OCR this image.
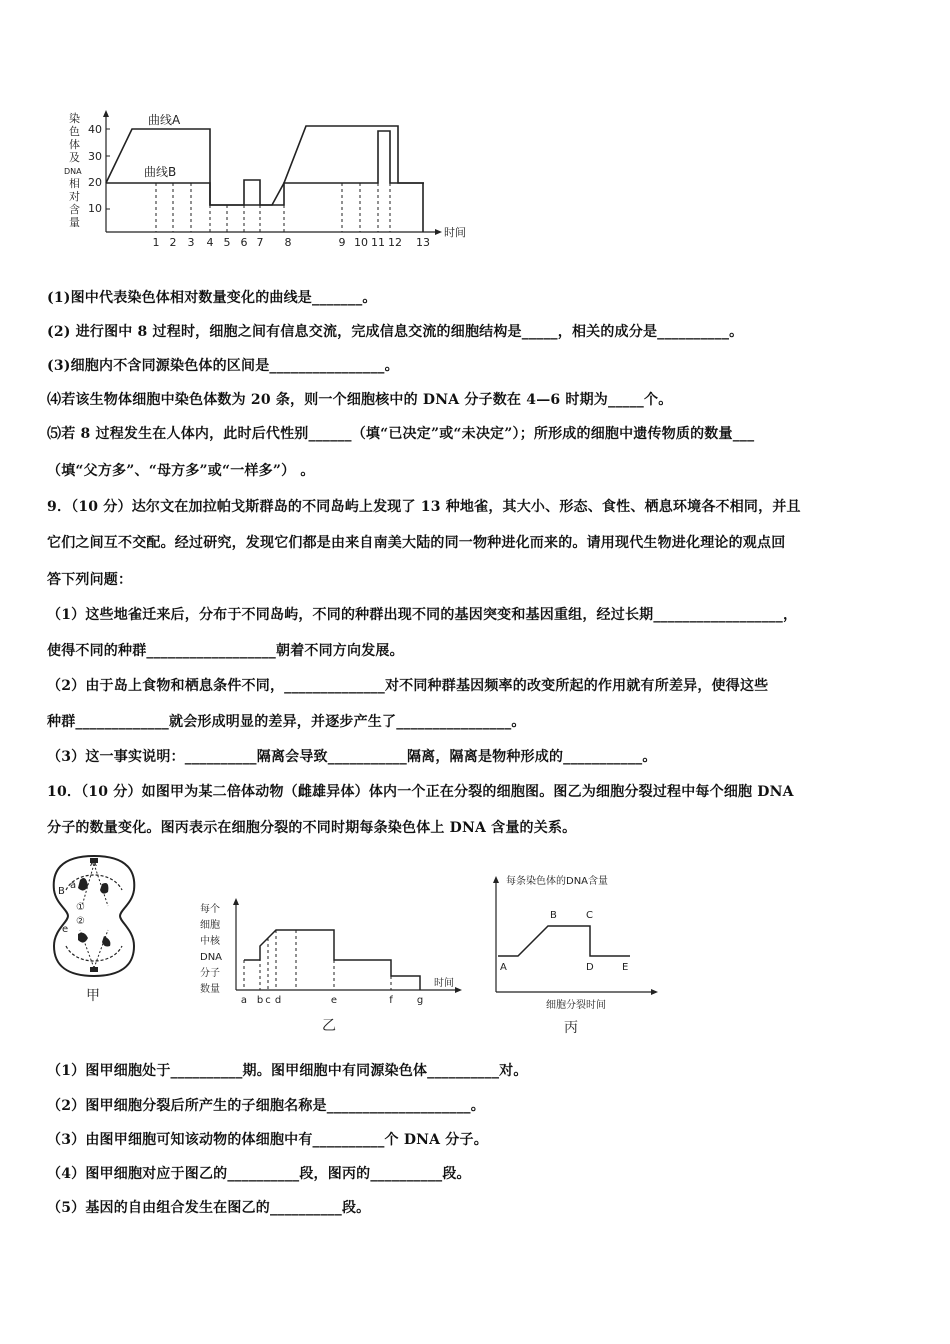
染色体及 DNA 相对含量
10
20
30
40
曲线A
曲线B
1 2 3 4 5 6 7 8	9 10 11 12 13
时间
(1)图中代表染色体相对数量变化的曲线是_______。
(2) 进行图中 8 过程时，细胞之间有信息交流，完成信息交流的细胞结构是_____，相关的成分是__________。
(3)细胞内不含同源染色体的区间是________________。
⑷若该生物体细胞中染色体数为 20 条，则一个细胞核中的 DNA 分子数在 4—6 时期为_____个。
⑸若 8 过程发生在人体内，此时后代性别______（填“已决定”或“未决定”）；所形成的细胞中遗传物质的数量___
（填“父方多”、“母方多”或“一样多”） 。
9．（10 分）达尔文在加拉帕戈斯群岛的不同岛屿上发现了 13 种地雀，其大小、形态、食性、栖息环境各不相同，并且
它们之间互不交配。经过研究，发现它们都是由来自南美大陆的同一物种进化而来的。请用现代生物进化理论的观点回
答下列问题：
（1）这些地雀迁来后，分布于不同岛屿，不同的种群出现不同的基因突变和基因重组，经过长期__________________，
使得不同的种群__________________朝着不同方向发展。
（2）由于岛上食物和栖息条件不同，______________对不同种群基因频率的改变所起的作用就有所差异，使得这些
种群_____________就会形成明显的差异，并逐步产生了________________。
（3）这一事实说明：__________隔离会导致___________隔离，隔离是物种形成的___________。
10．（10 分）如图甲为某二倍体动物（雌雄异体）体内一个正在分裂的细胞图。图乙为细胞分裂过程中每个细胞 DNA
分子的数量变化。图丙表示在细胞分裂的不同时期每条染色体上 DNA 含量的关系。
A
B
a
①
②
e
甲
每个
细胞
中核
DNA
分子
数量
a b c d	e	f g
时间
乙
每条染色体的DNA含量
A
B	C
D	E
细胞分裂时间
丙
（1）图甲细胞处于__________期。图甲细胞中有同源染色体__________对。
（2）图甲细胞分裂后所产生的子细胞名称是____________________。
（3）由图甲细胞可知该动物的体细胞中有__________个 DNA 分子。
（4）图甲细胞对应于图乙的__________段，图丙的__________段。
（5）基因的自由组合发生在图乙的__________段。
